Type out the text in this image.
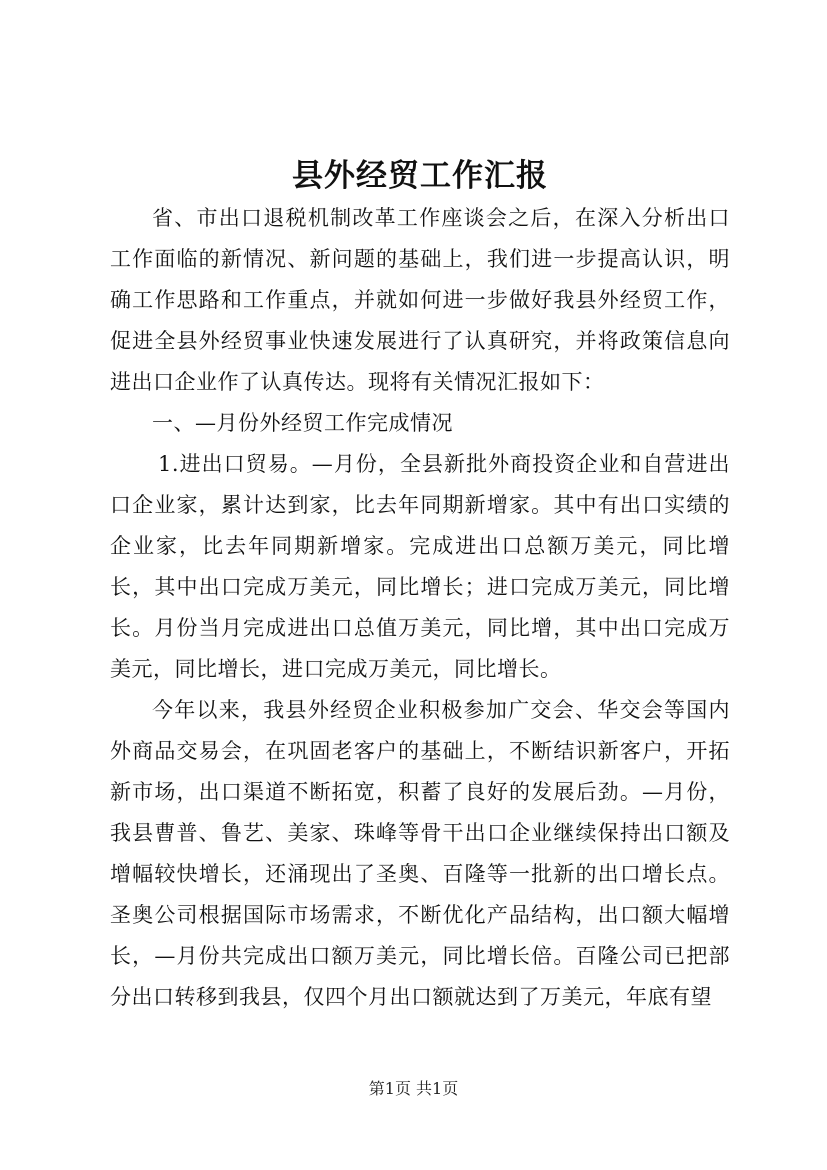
县外经贸工作汇报

省、市出口退税机制改革工作座谈会之后，在深入分析出口工作面临的新情况、新问题的基础上，我们进一步提高认识，明确工作思路和工作重点，并就如何进一步做好我县外经贸工作，促进全县外经贸事业快速发展进行了认真研究，并将政策信息向进出口企业作了认真传达。现将有关情况汇报如下：

一、—月份外经贸工作完成情况

1.进出口贸易。—月份，全县新批外商投资企业和自营进出口企业家，累计达到家，比去年同期新增家。其中有出口实绩的企业家，比去年同期新增家。完成进出口总额万美元，同比增长，其中出口完成万美元，同比增长；进口完成万美元，同比增长。月份当月完成进出口总值万美元，同比增，其中出口完成万美元，同比增长，进口完成万美元，同比增长。

今年以来，我县外经贸企业积极参加广交会、华交会等国内外商品交易会，在巩固老客户的基础上，不断结识新客户，开拓新市场，出口渠道不断拓宽，积蓄了良好的发展后劲。—月份，我县曹普、鲁艺、美家、珠峰等骨干出口企业继续保持出口额及增幅较快增长，还涌现出了圣奥、百隆等一批新的出口增长点。圣奥公司根据国际市场需求，不断优化产品结构，出口额大幅增长，—月份共完成出口额万美元，同比增长倍。百隆公司已把部分出口转移到我县，仅四个月出口额就达到了万美元，年底有望

第1页 共1页
